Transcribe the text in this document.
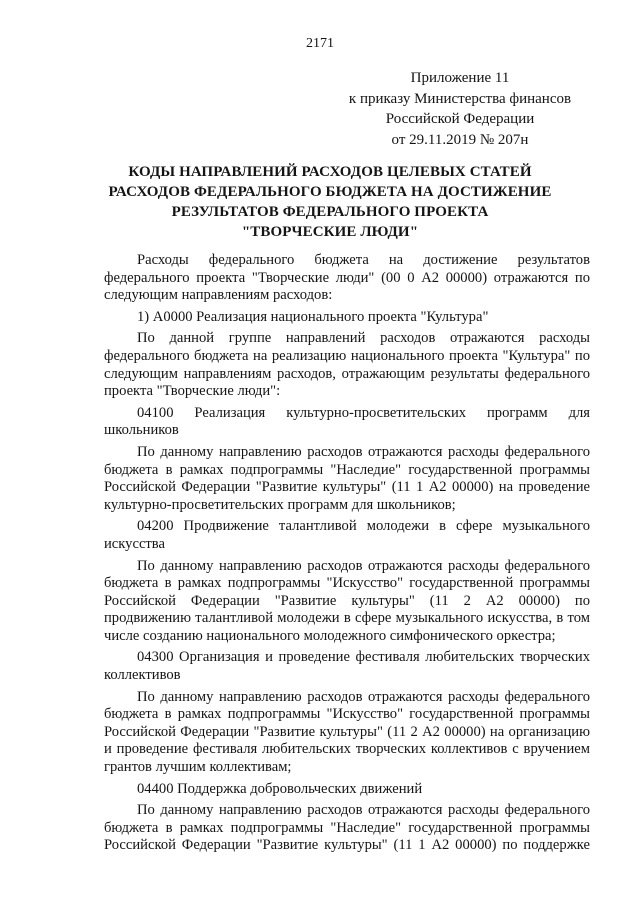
2171
Приложение 11
к приказу Министерства финансов
Российской Федерации
от 29.11.2019 № 207н
КОДЫ НАПРАВЛЕНИЙ РАСХОДОВ ЦЕЛЕВЫХ СТАТЕЙ
РАСХОДОВ ФЕДЕРАЛЬНОГО БЮДЖЕТА НА ДОСТИЖЕНИЕ
РЕЗУЛЬТАТОВ ФЕДЕРАЛЬНОГО ПРОЕКТА
"ТВОРЧЕСКИЕ ЛЮДИ"

Расходы федерального бюджета на достижение результатов федерального проекта "Творческие люди" (00 0 А2 00000) отражаются по следующим направлениям расходов:

1) А0000 Реализация национального проекта "Культура"

По данной группе направлений расходов отражаются расходы федерального бюджета на реализацию национального проекта "Культура" по следующим направлениям расходов, отражающим результаты федерального проекта "Творческие люди":

04100 Реализация культурно-просветительских программ для школьников

По данному направлению расходов отражаются расходы федерального бюджета в рамках подпрограммы "Наследие" государственной программы Российской Федерации "Развитие культуры" (11 1 А2 00000) на проведение культурно-просветительских программ для школьников;

04200 Продвижение талантливой молодежи в сфере музыкального искусства

По данному направлению расходов отражаются расходы федерального бюджета в рамках подпрограммы "Искусство" государственной программы Российской Федерации "Развитие культуры" (11 2 А2 00000) по продвижению талантливой молодежи в сфере музыкального искусства, в том числе созданию национального молодежного симфонического оркестра;

04300 Организация и проведение фестиваля любительских творческих коллективов

По данному направлению расходов отражаются расходы федерального бюджета в рамках подпрограммы "Искусство" государственной программы Российской Федерации "Развитие культуры" (11 2 А2 00000) на организацию и проведение фестиваля любительских творческих коллективов с вручением грантов лучшим коллективам;

04400 Поддержка добровольческих движений

По данному направлению расходов отражаются расходы федерального бюджета в рамках подпрограммы "Наследие" государственной программы Российской Федерации "Развитие культуры" (11 1 А2 00000) по поддержке
